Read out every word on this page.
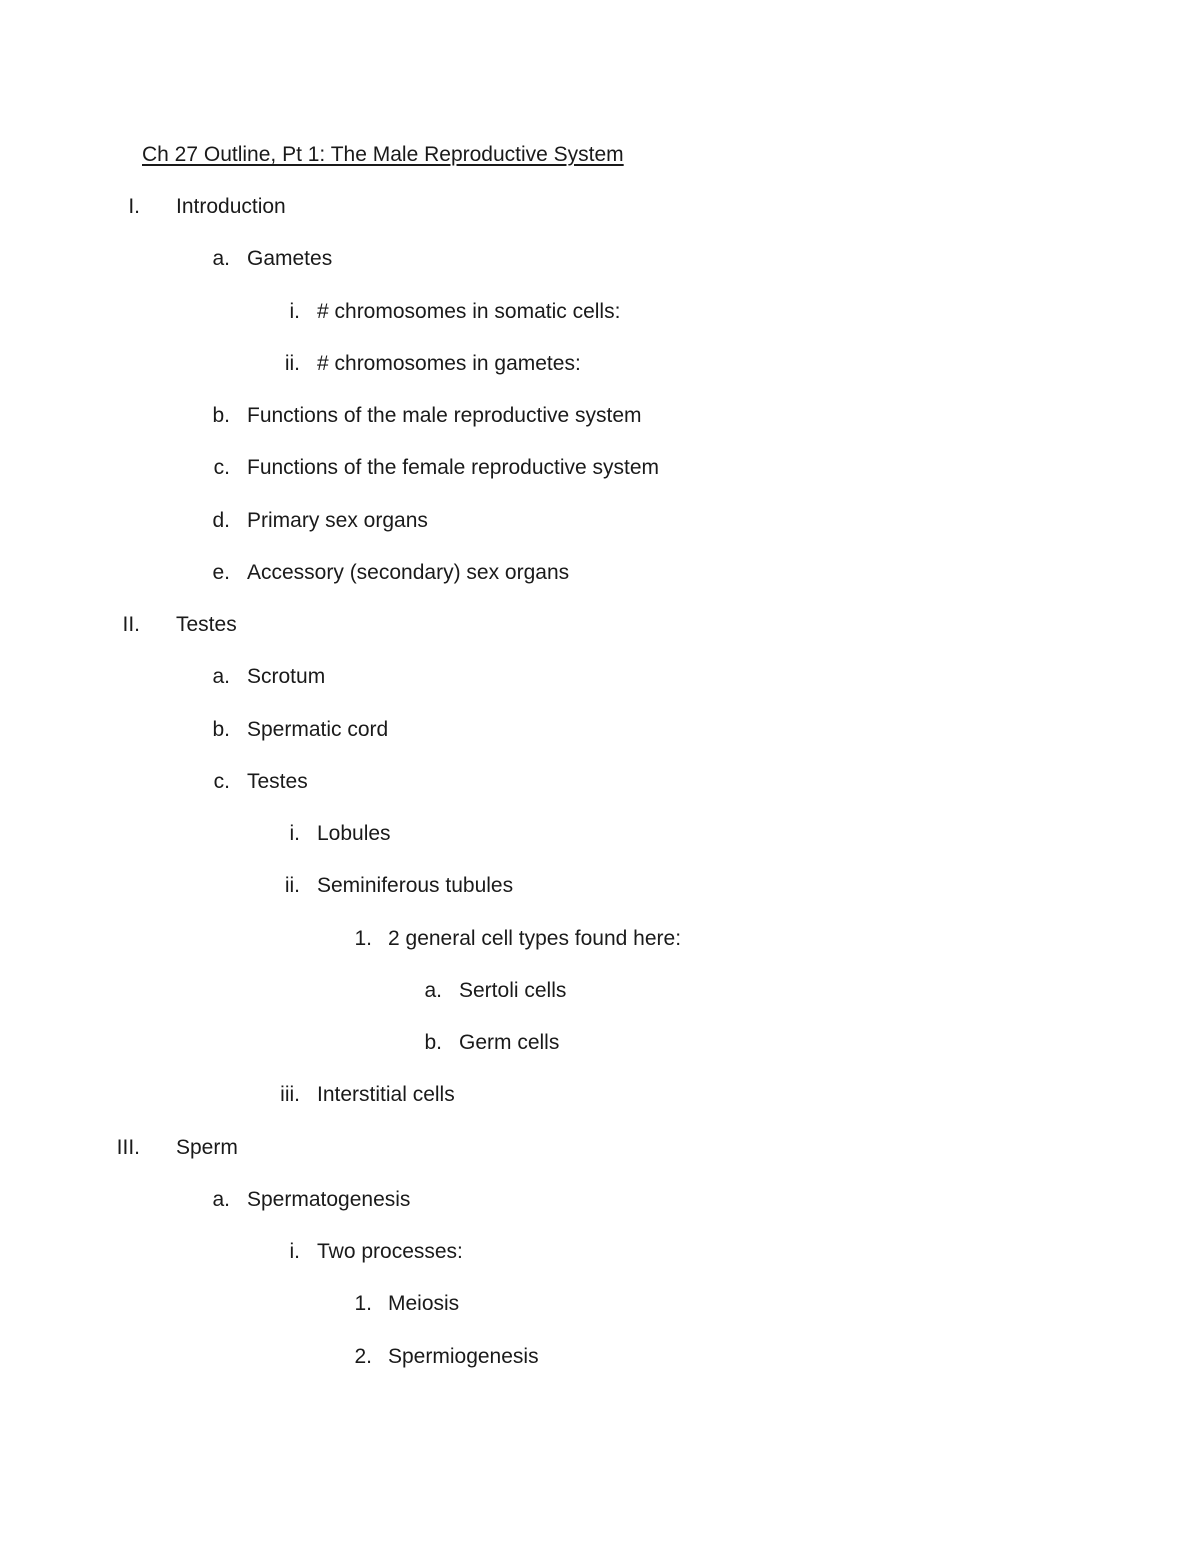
Ch 27 Outline, Pt 1: The Male Reproductive System
I. Introduction
a. Gametes
i. # chromosomes in somatic cells:
ii. # chromosomes in gametes:
b. Functions of the male reproductive system
c. Functions of the female reproductive system
d. Primary sex organs
e. Accessory (secondary) sex organs
II. Testes
a. Scrotum
b. Spermatic cord
c. Testes
i. Lobules
ii. Seminiferous tubules
1. 2 general cell types found here:
a. Sertoli cells
b. Germ cells
iii. Interstitial cells
III. Sperm
a. Spermatogenesis
i. Two processes:
1. Meiosis
2. Spermiogenesis
